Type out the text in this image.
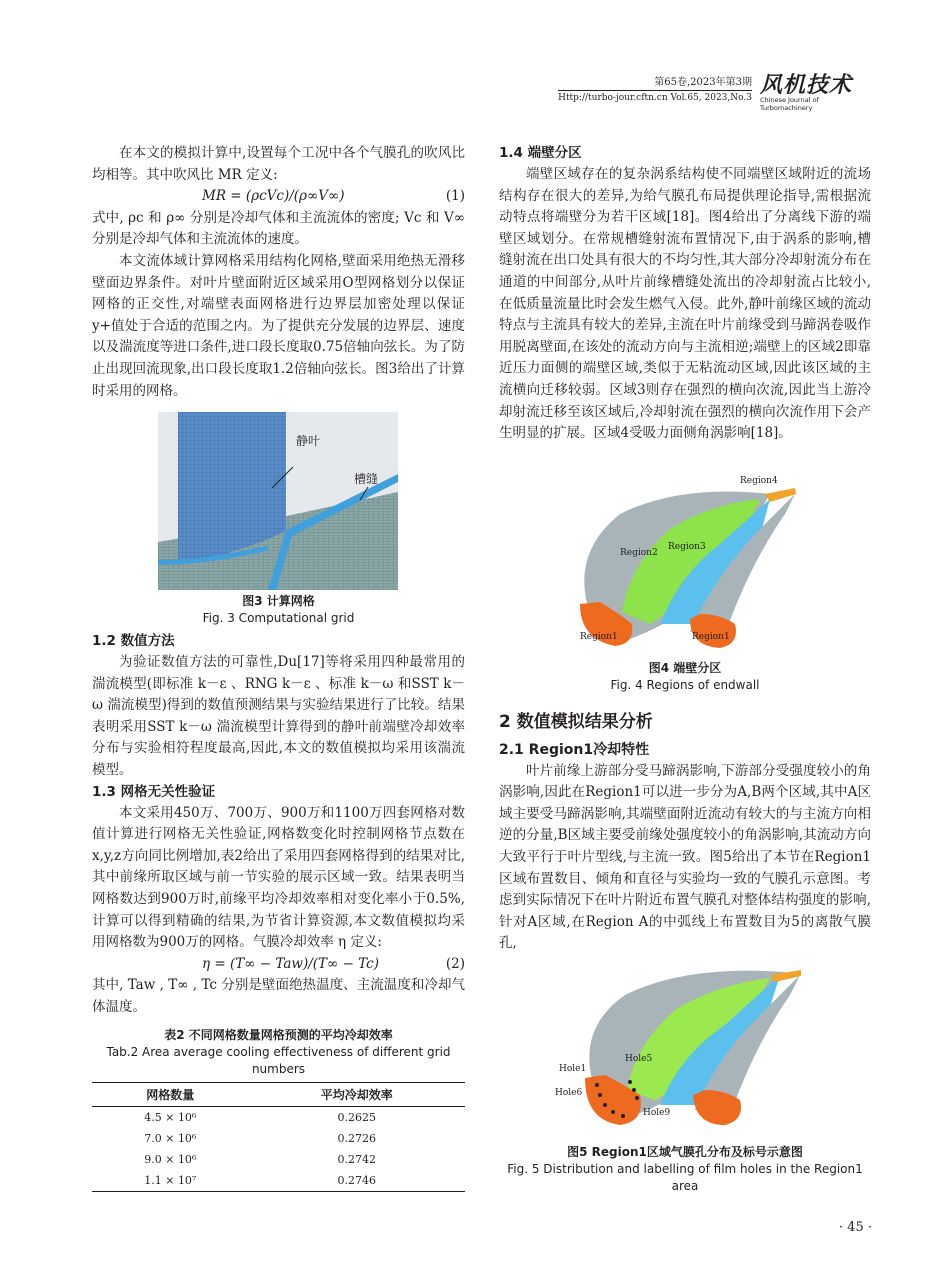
第65卷,2023年第3期
Http://turbo-jour.cftn.cn Vol.65, 2023,No.3 风机技术
Chinese Journal of Turbomachinery

在本文的模拟计算中,设置每个工况中各个气膜孔的吹风比均相等。其中吹风比 MR 定义:

MR = (ρcVc)/(ρ∞V∞)	(1)

式中, ρc 和 ρ∞ 分别是冷却气体和主流流体的密度; Vc 和 V∞ 分别是冷却气体和主流流体的速度。

本文流体域计算网格采用结构化网格,壁面采用绝热无滑移壁面边界条件。对叶片壁面附近区域采用O型网格划分以保证网格的正交性,对端壁表面网格进行边界层加密处理以保证y+值处于合适的范围之内。为了提供充分发展的边界层、速度以及湍流度等进口条件,进口段长度取0.75倍轴向弦长。为了防止出现回流现象,出口段长度取1.2倍轴向弦长。图3给出了计算时采用的网格。

静叶
槽缝
图3 计算网格
Fig. 3 Computational grid
1.2 数值方法

为验证数值方法的可靠性,Du[17]等将采用四种最常用的湍流模型(即标准 k－ε 、RNG k－ε 、标准 k－ω 和SST k－ω 湍流模型)得到的数值预测结果与实验结果进行了比较。结果表明采用SST k－ω 湍流模型计算得到的静叶前端壁冷却效率分布与实验相符程度最高,因此,本文的数值模拟均采用该湍流模型。

1.3 网格无关性验证

本文采用450万、700万、900万和1100万四套网格对数值计算进行网格无关性验证,网格数变化时控制网格节点数在x,y,z方向同比例增加,表2给出了采用四套网格得到的结果对比,其中前缘所取区域与前一节实验的展示区域一致。结果表明当网格数达到900万时,前缘平均冷却效率相对变化率小于0.5%,计算可以得到精确的结果,为节省计算资源,本文数值模拟均采用网格数为900万的网格。气膜冷却效率 η 定义:

η = (T∞ − Taw)/(T∞ − Tc)	(2)

其中, Taw , T∞ , Tc 分别是壁面绝热温度、主流温度和冷却气体温度。

表2 不同网格数量网格预测的平均冷却效率
Tab.2 Area average cooling effectiveness of different grid numbers
网格数量	平均冷却效率
4.5 × 10⁶	0.2625
7.0 × 10⁶	0.2726
9.0 × 10⁶	0.2742
1.1 × 10⁷	0.2746
1.4 端壁分区

端壁区域存在的复杂涡系结构使不同端壁区域附近的流场结构存在很大的差异,为给气膜孔布局提供理论指导,需根据流动特点将端壁分为若干区域[18]。图4给出了分离线下游的端壁区域划分。在常规槽缝射流布置情况下,由于涡系的影响,槽缝射流在出口处具有很大的不均匀性,其大部分冷却射流分布在通道的中间部分,从叶片前缘槽缝处流出的冷却射流占比较小,在低质量流量比时会发生燃气入侵。此外,静叶前缘区域的流动特点与主流具有较大的差异,主流在叶片前缘受到马蹄涡卷吸作用脱离壁面,在该处的流动方向与主流相逆;端壁上的区域2即靠近压力面侧的端壁区域,类似于无粘流动区域,因此该区域的主流横向迁移较弱。区域3则存在强烈的横向次流,因此当上游冷却射流迁移至该区域后,冷却射流在强烈的横向次流作用下会产生明显的扩展。区域4受吸力面侧角涡影响[18]。

Region4
Region2
Region3
Region1	Region1
图4 端壁分区
Fig. 4 Regions of endwall
2 数值模拟结果分析
2.1 Region1冷却特性

叶片前缘上游部分受马蹄涡影响,下游部分受强度较小的角涡影响,因此在Region1可以进一步分为A,B两个区域,其中A区域主要受马蹄涡影响,其端壁面附近流动有较大的与主流方向相逆的分量,B区域主要受前缘处强度较小的角涡影响,其流动方向大致平行于叶片型线,与主流一致。图5给出了本节在Region1区域布置数目、倾角和直径与实验均一致的气膜孔示意图。考虑到实际情况下在叶片附近布置气膜孔对整体结构强度的影响,针对A区域,在Region A的中弧线上布置数目为5的离散气膜孔,

Hole1
Hole5
Hole6
Hole9
图5 Region1区域气膜孔分布及标号示意图
Fig. 5 Distribution and labelling of film holes in the Region1 area
· 45 ·
